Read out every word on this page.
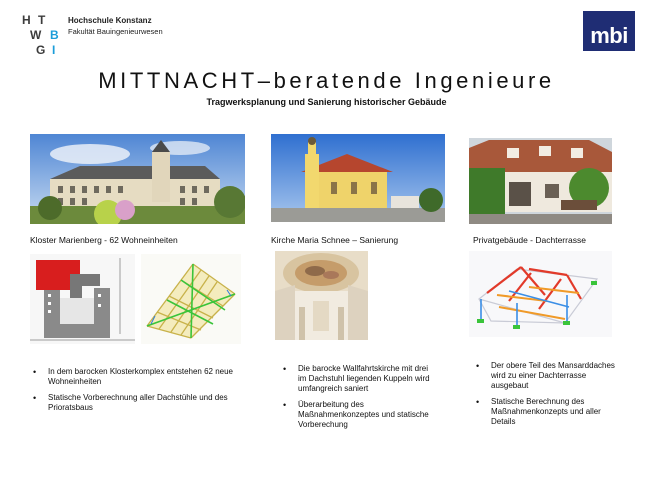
H T
W B
G I
Hochschule Konstanz
Fakultät Bauingenieurwesen	mbi
MITTNACHT–beratende Ingenieure
Tragwerksplanung und Sanierung historischer Gebäude
Kloster Marienberg - 62 Wohneinheiten	Kirche Maria Schnee – Sanierung	Privatgebäude - Dachterrasse
• In dem barocken Klosterkomplex entstehen 62 neue Wohneinheiten
• Statische Vorberechnung aller Dachstühle und des Prioratsbaus
• Die barocke Wallfahrtskirche mit drei im Dachstuhl liegenden Kuppeln wird umfangreich saniert
• Überarbeitung des Maßnahmenkonzeptes und statische Vorberechung
• Der obere Teil des Mansarddaches wird zu einer Dachterrasse ausgebaut
• Statische Berechnung des Maßnahmenkonzepts und aller Details
